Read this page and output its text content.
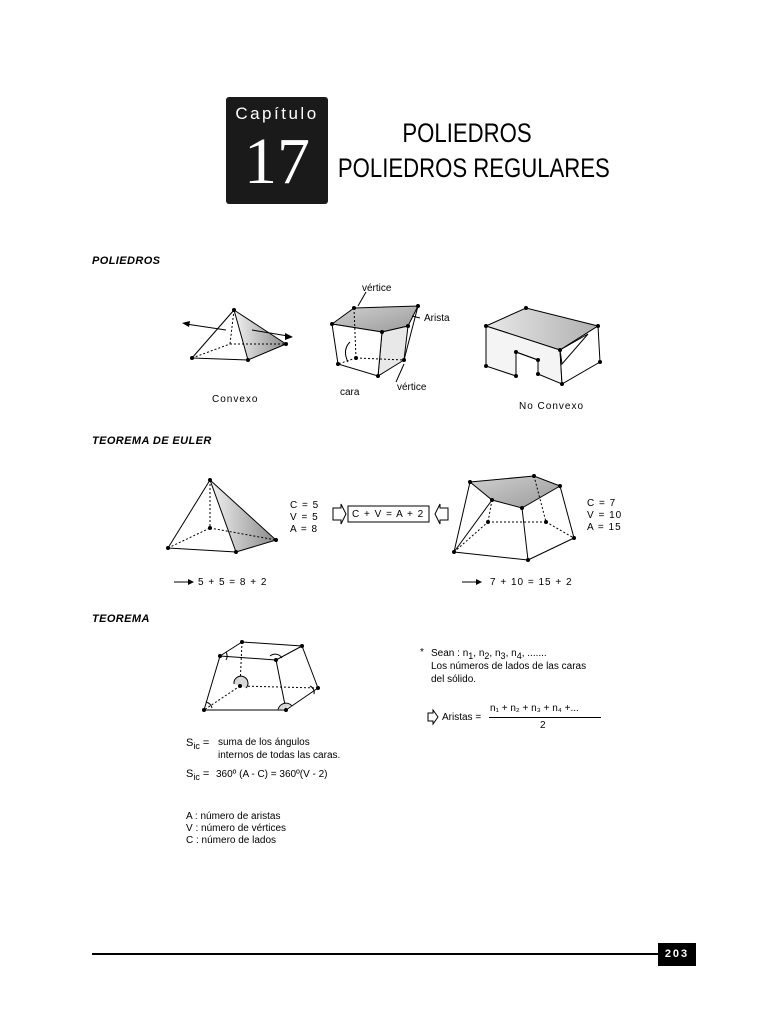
Capítulo
17	POLIEDROS
POLIEDROS REGULARES
POLIEDROS
vértice
Arista
cara	vértice
Convexo
No Convexo
TEOREMA DE EULER
C = 5
V = 5
A = 8
C + V = A + 2
C = 7
V = 10
A = 15
5 + 5 = 8 + 2	7 + 10 = 15 + 2
TEOREMA
$S_{ic}$ = suma de los ángulos
internos de todas las caras.
$S_{ic}$ = 360º (A - C) = 360º(V - 2)
A : número de aristas
V : número de vértices
C : número de lados
* Sean : $n_1$, $n_2$, $n_3$, $n_4$, .......
Los números de lados de las caras
del sólido.
Aristas =
n₁ + n₂ + n₃ + n₄ +...
2
203
